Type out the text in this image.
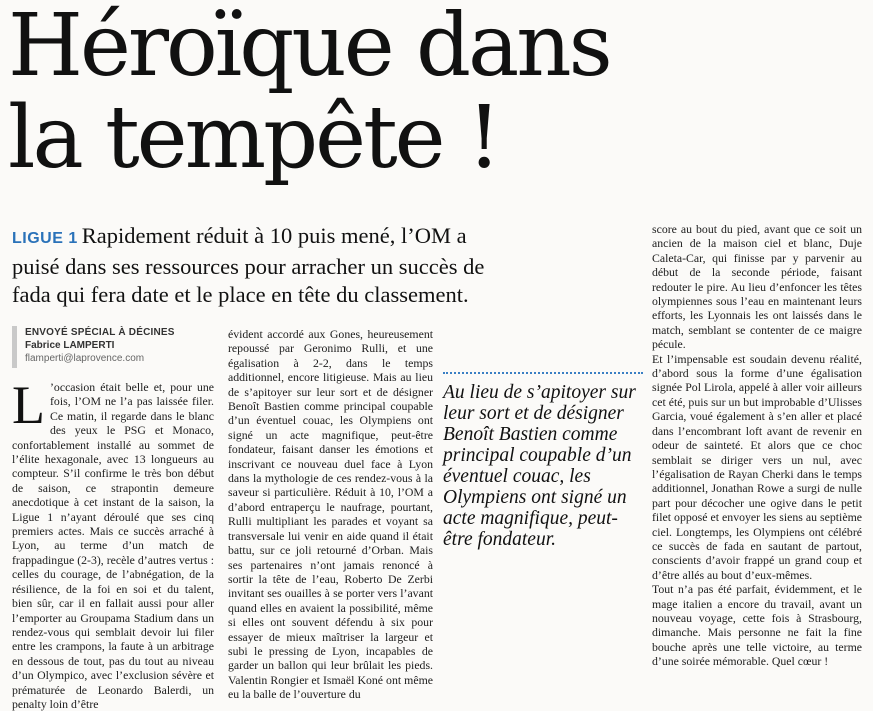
Héroïque dans
la tempête !

LIGUE 1 Rapidement réduit à 10 puis mené, l’OM a puisé dans ses ressources pour arracher un succès de fada qui fera date et le place en tête du classement.

ENVOYÉ SPÉCIAL À DÉCINES
Fabrice LAMPERTI
flamperti@laprovence.com

L ’occasion était belle et, pour une fois, l’OM ne l’a pas laissée filer. Ce matin, il regarde dans le blanc des yeux le PSG et Monaco, confortablement installé au sommet de l’élite hexagonale, avec 13 longueurs au compteur. S’il confirme le très bon début de saison, ce strapontin demeure anecdotique à cet instant de la saison, la Ligue 1 n’ayant déroulé que ses cinq premiers actes. Mais ce succès arraché à Lyon, au terme d’un match de frappadingue (2-3), recèle d’autres vertus : celles du courage, de l’abnégation, de la résilience, de la foi en soi et du talent, bien sûr, car il en fallait aussi pour aller l’emporter au Groupama Stadium dans un rendez-vous qui semblait devoir lui filer entre les crampons, la faute à un arbitrage en dessous de tout, pas du tout au niveau d’un Olympico, avec l’exclusion sévère et prématurée de Leonardo Balerdi, un penalty loin d’être

évident accordé aux Gones, heureusement repoussé par Geronimo Rulli, et une égalisation à 2-2, dans le temps additionnel, encore litigieuse. Mais au lieu de s’apitoyer sur leur sort et de désigner Benoît Bastien comme principal coupable d’un éventuel couac, les Olympiens ont signé un acte magnifique, peut-être fondateur, faisant danser les émotions et inscrivant ce nouveau duel face à Lyon dans la mythologie de ces rendez-vous à la saveur si particulière. Réduit à 10, l’OM a d’abord entraperçu le naufrage, pourtant, Rulli multipliant les parades et voyant sa transversale lui venir en aide quand il était battu, sur ce joli retourné d’Orban. Mais ses partenaires n’ont jamais renoncé à sortir la tête de l’eau, Roberto De Zerbi invitant ses ouailles à se porter vers l’avant quand elles en avaient la possibilité, même si elles ont souvent défendu à six pour essayer de mieux maîtriser la largeur et subi le pressing de Lyon, incapables de garder un ballon qui leur brûlait les pieds. Valentin Rongier et Ismaël Koné ont même eu la balle de l’ouverture du

Au lieu de s’apitoyer sur leur sort et de désigner Benoît Bastien comme principal coupable d’un éventuel couac, les Olympiens ont signé un acte magnifique, peut-être fondateur.

score au bout du pied, avant que ce soit un ancien de la maison ciel et blanc, Duje Caleta-Car, qui finisse par y parvenir au début de la seconde période, faisant redouter le pire. Au lieu d’enfoncer les têtes olympiennes sous l’eau en maintenant leurs efforts, les Lyonnais les ont laissés dans le match, semblant se contenter de ce maigre pécule.

Et l’impensable est soudain devenu réalité, d’abord sous la forme d’une égalisation signée Pol Lirola, appelé à aller voir ailleurs cet été, puis sur un but improbable d’Ulisses Garcia, voué également à s’en aller et placé dans l’encombrant loft avant de revenir en odeur de sainteté. Et alors que ce choc semblait se diriger vers un nul, avec l’égalisation de Rayan Cherki dans le temps additionnel, Jonathan Rowe a surgi de nulle part pour décocher une ogive dans le petit filet opposé et envoyer les siens au septième ciel. Longtemps, les Olympiens ont célébré ce succès de fada en sautant de partout, conscients d’avoir frappé un grand coup et d’être allés au bout d’eux-mêmes.

Tout n’a pas été parfait, évidemment, et le mage italien a encore du travail, avant un nouveau voyage, cette fois à Strasbourg, dimanche. Mais personne ne fait la fine bouche après une telle victoire, au terme d’une soirée mémorable. Quel cœur !
